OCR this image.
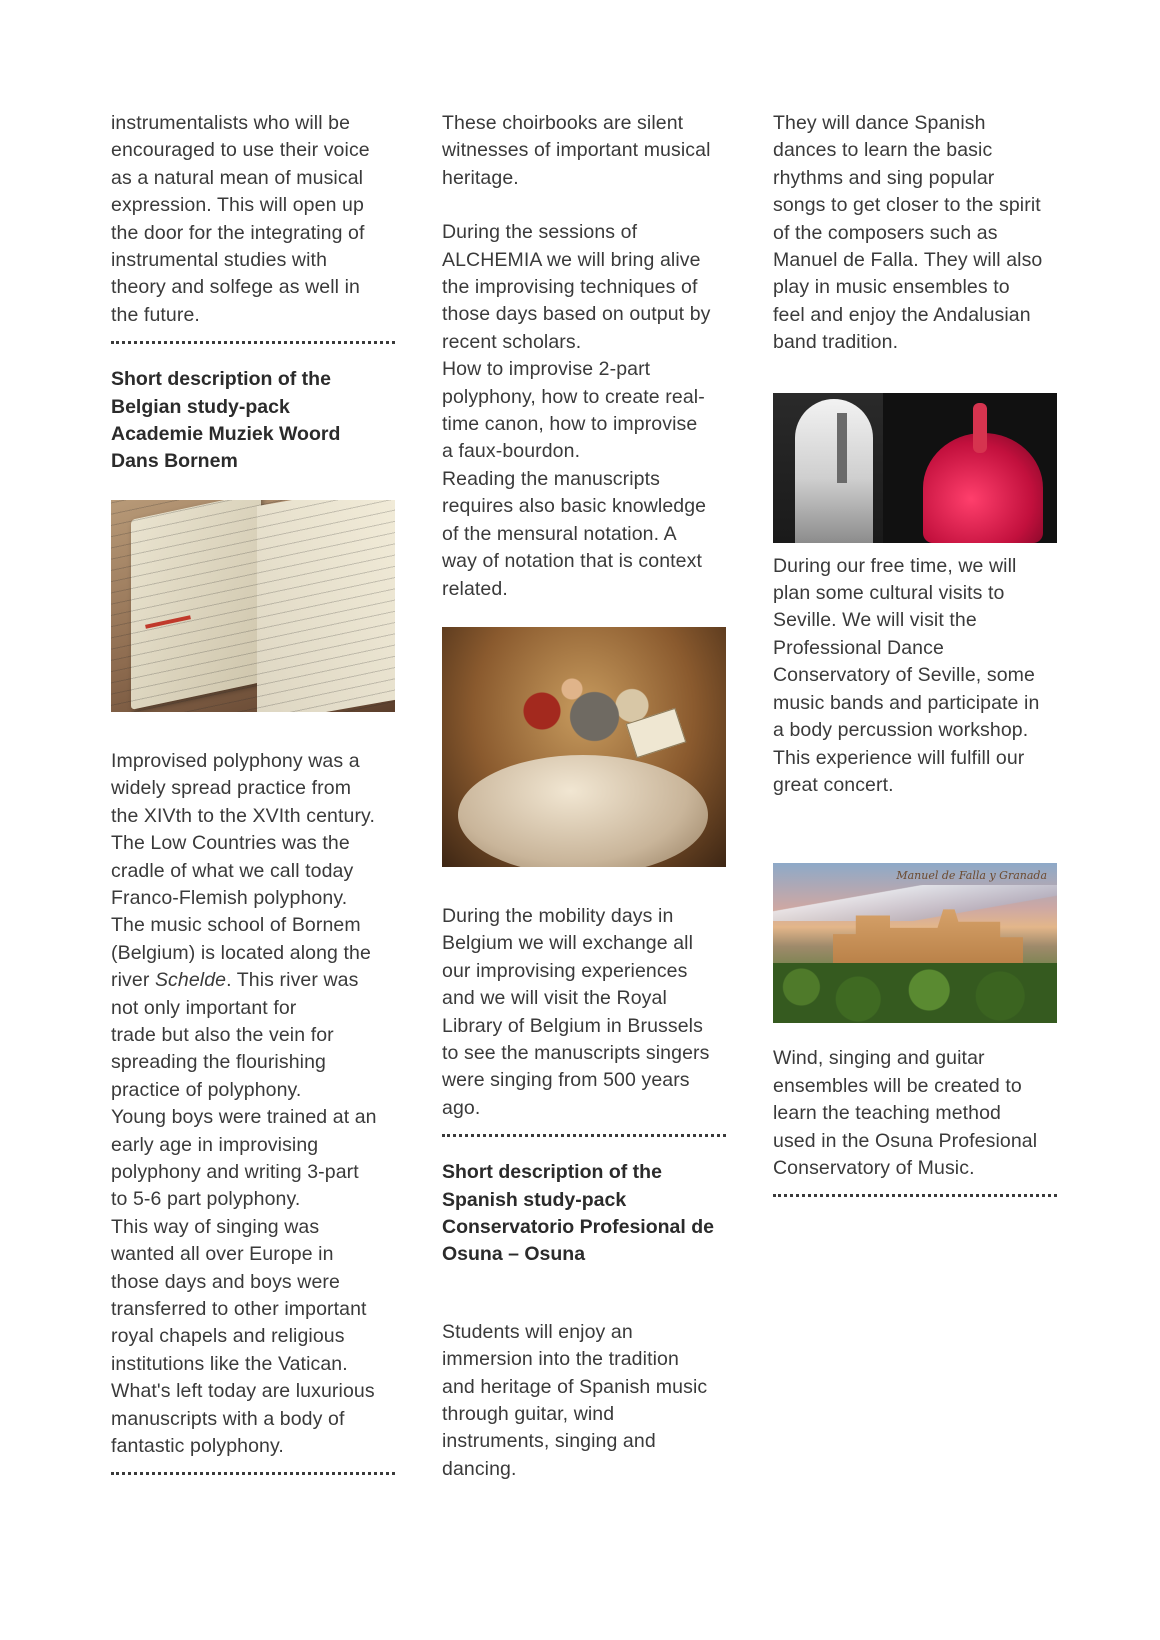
instrumentalists who will be
encouraged to use their voice
as a natural mean of musical
expression. This will open up
the door for the integrating of
instrumental studies with
theory and solfege as well in
the future.
Short description of the
Belgian study-pack
Academie Muziek Woord
Dans Bornem
Improvised polyphony was a
widely spread practice from
the XIVth to the XVIth century.
The Low Countries was the
cradle of what we call today
Franco-Flemish polyphony.
The music school of Bornem
(Belgium) is located along the
river Schelde. This river was
not only important for
trade but also the vein for
spreading the flourishing
practice of polyphony.
Young boys were trained at an
early age in improvising
polyphony and writing 3-part
to 5-6 part polyphony.
This way of singing was
wanted all over Europe in
those days and boys were
transferred to other important
royal chapels and religious
institutions like the Vatican.
What's left today are luxurious
manuscripts with a body of
fantastic polyphony.
These choirbooks are silent
witnesses of important musical
heritage.
During the sessions of
ALCHEMIA we will bring alive
the improvising techniques of
those days based on output by
recent scholars.
How to improvise 2-part
polyphony, how to create real-
time canon, how to improvise
a faux-bourdon.
Reading the manuscripts
requires also basic knowledge
of the mensural notation. A
way of notation that is context
related.
During the mobility days in
Belgium we will exchange all
our improvising experiences
and we will visit the Royal
Library of Belgium in Brussels
to see the manuscripts singers
were singing from 500 years
ago.
Short description of the
Spanish study-pack
Conservatorio Profesional de
Osuna – Osuna
Students will enjoy an
immersion into the tradition
and heritage of Spanish music
through guitar, wind
instruments, singing and
dancing.
They will dance Spanish
dances to learn the basic
rhythms and sing popular
songs to get closer to the spirit
of the composers such as
Manuel de Falla. They will also
play in music ensembles to
feel and enjoy the Andalusian
band tradition.
During our free time, we will
plan some cultural visits to
Seville. We will visit the
Professional Dance
Conservatory of Seville, some
music bands and participate in
a body percussion workshop.
This experience will fulfill our
great concert.
Manuel de Falla y Granada
Wind, singing and guitar
ensembles will be created to
learn the teaching method
used in the Osuna Profesional
Conservatory of Music.
